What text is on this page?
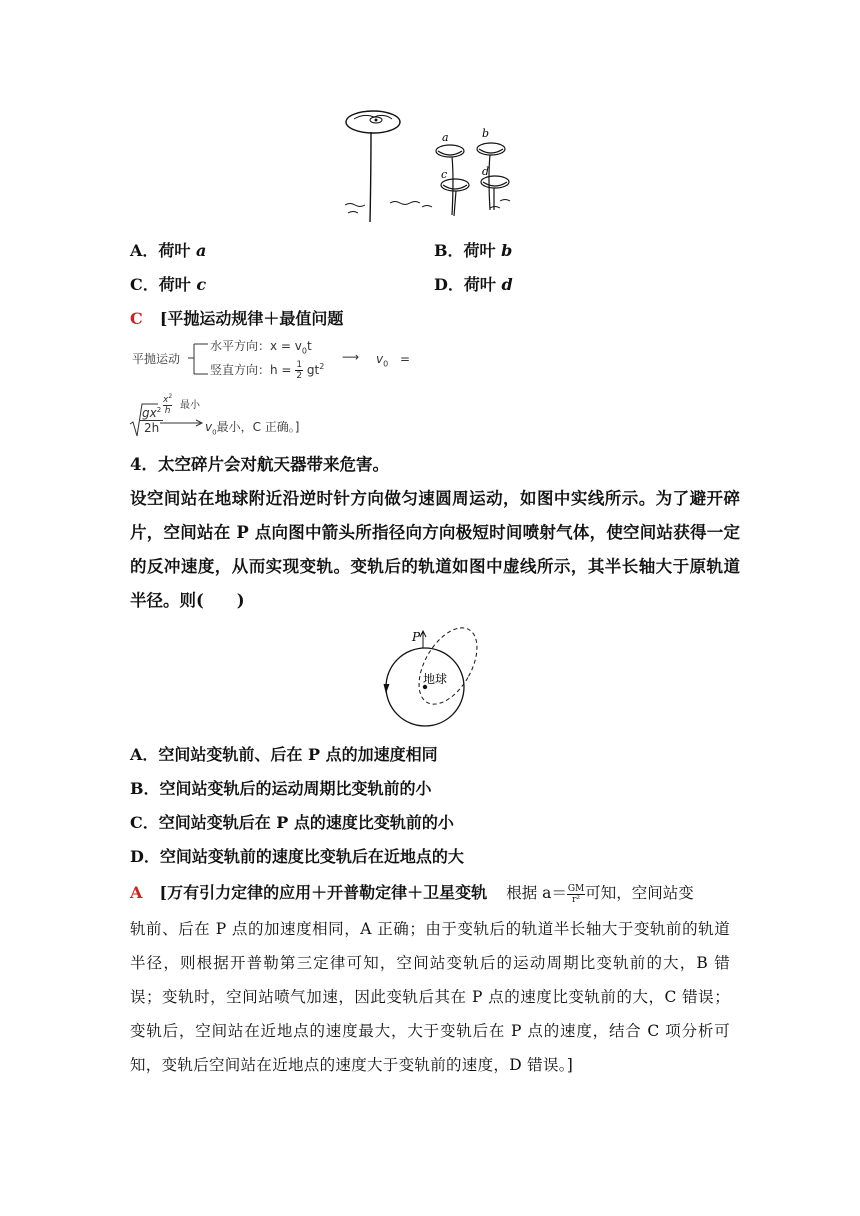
a	b
c	d
A．荷叶 a	B．荷叶 b
C．荷叶 c	D．荷叶 d
C [平抛运动规律＋最值问题
平抛运动
水平方向：$x = v_0t$
竖直方向：$h = \frac{1}{2} gt^2$
⟶ $v_0$ =
$gx^2$
2h
$x^2$
h 最小
$v_0$最小，C 正确。]
4．太空碎片会对航天器带来危害。
设空间站在地球附近沿逆时针方向做匀速圆周运动，如图中实线所示。为了避开碎片，空间站在 P 点向图中箭头所指径向方向极短时间喷射气体，使空间站获得一定的反冲速度，从而实现变轨。变轨后的轨道如图中虚线所示，其半长轴大于原轨道半径。则(　　)
P
地球
A．空间站变轨前、后在 P 点的加速度相同
B．空间站变轨后的运动周期比变轨前的小
C．空间站变轨后在 P 点的速度比变轨前的小
D．空间站变轨前的速度比变轨后在近地点的大
A [万有引力定律的应用＋开普勒定律＋卫星变轨 根据 $a= \frac{GM}{\text{r²}}$ 可知，空间站变
轨前、后在 P 点的加速度相同，A 正确；由于变轨后的轨道半长轴大于变轨前的轨道半径，则根据开普勒第三定律可知，空间站变轨后的运动周期比变轨前的大，B 错误；变轨时，空间站喷气加速，因此变轨后其在 P 点的速度比变轨前的大，C 错误；变轨后，空间站在近地点的速度最大，大于变轨后在 P 点的速度，结合 C 项分析可知，变轨后空间站在近地点的速度大于变轨前的速度，D 错误。]
